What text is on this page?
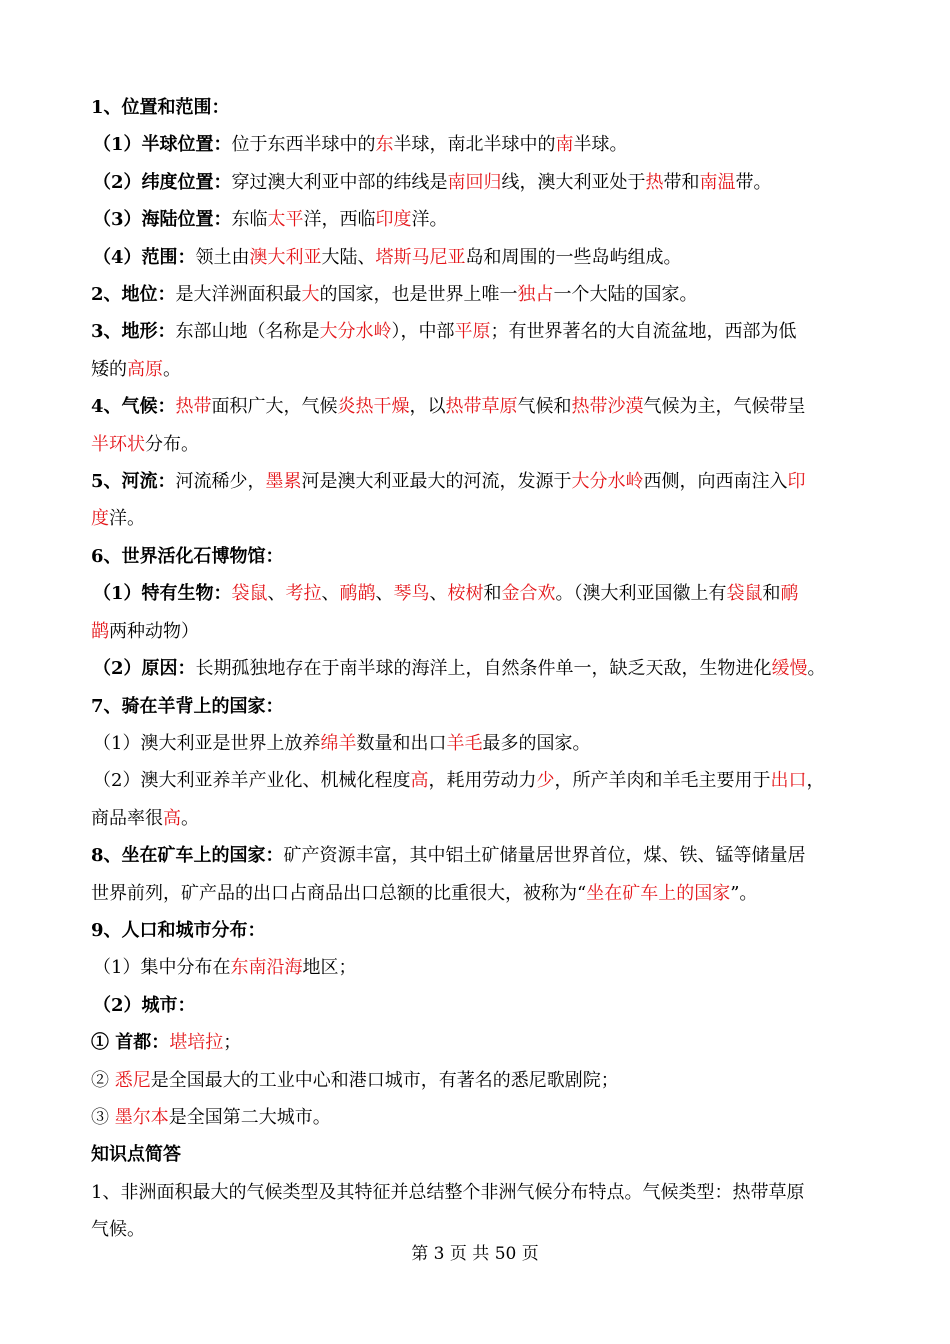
1、位置和范围：
（1）半球位置：位于东西半球中的东半球，南北半球中的南半球。
（2）纬度位置：穿过澳大利亚中部的纬线是南回归线，澳大利亚处于热带和南温带。
（3）海陆位置：东临太平洋，西临印度洋。
（4）范围：领土由澳大利亚大陆、塔斯马尼亚岛和周围的一些岛屿组成。
2、地位：是大洋洲面积最大的国家，也是世界上唯一独占一个大陆的国家。
3、地形：东部山地（名称是大分水岭），中部平原；有世界著名的大自流盆地，西部为低
矮的高原。
4、气候：热带面积广大，气候炎热干燥，以热带草原气候和热带沙漠气候为主，气候带呈
半环状分布。
5、河流：河流稀少，墨累河是澳大利亚最大的河流，发源于大分水岭西侧，向西南注入印
度洋。
6、世界活化石博物馆：
（1）特有生物：袋鼠、考拉、鸸鹋、琴鸟、桉树和金合欢。（澳大利亚国徽上有袋鼠和鸸
鹋两种动物）
（2）原因：长期孤独地存在于南半球的海洋上，自然条件单一，缺乏天敌，生物进化缓慢。
7、骑在羊背上的国家：
（1）澳大利亚是世界上放养绵羊数量和出口羊毛最多的国家。
（2）澳大利亚养羊产业化、机械化程度高，耗用劳动力少，所产羊肉和羊毛主要用于出口，
商品率很高。
8、坐在矿车上的国家：矿产资源丰富，其中铝土矿储量居世界首位，煤、铁、锰等储量居
世界前列，矿产品的出口占商品出口总额的比重很大，被称为“坐在矿车上的国家”。
9、人口和城市分布：
（1）集中分布在东南沿海地区；
（2）城市：
① 首都：堪培拉；
② 悉尼是全国最大的工业中心和港口城市，有著名的悉尼歌剧院；
③ 墨尔本是全国第二大城市。
知识点简答
1、非洲面积最大的气候类型及其特征并总结整个非洲气候分布特点。气候类型：热带草原
气候。
第 3 页 共 50 页
